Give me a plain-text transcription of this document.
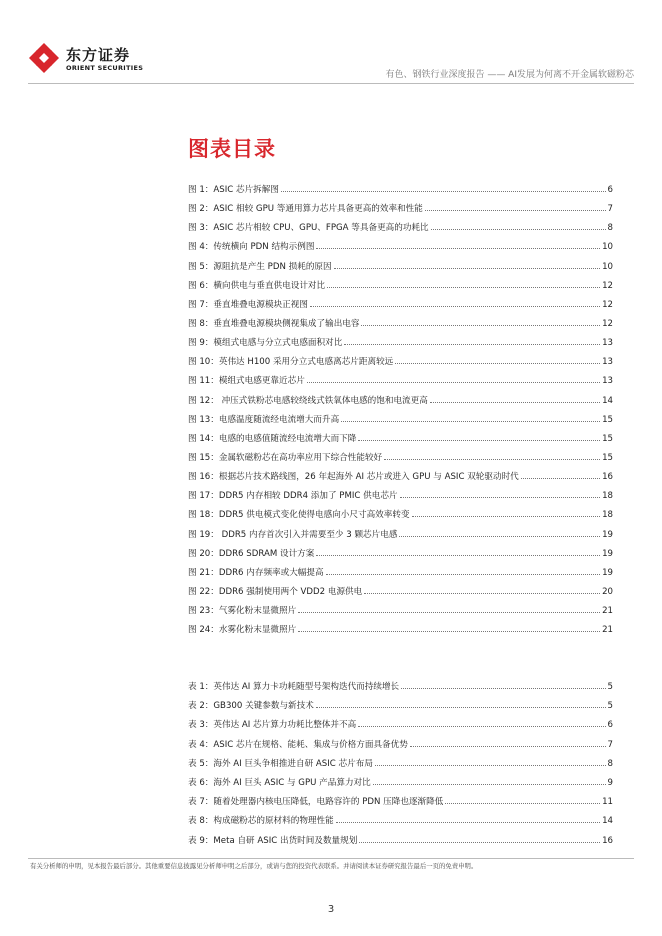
东方证券
ORIENT SECURITIES
有色、钢铁行业深度报告 —— AI发展为何离不开金属软磁粉芯
图表目录
图 1：ASIC 芯片拆解图	6
图 2：ASIC 相较 GPU 等通用算力芯片具备更高的效率和性能	7
图 3：ASIC 芯片相较 CPU、GPU、FPGA 等具备更高的功耗比	8
图 4：传统横向 PDN 结构示例图	10
图 5：源阻抗是产生 PDN 损耗的原因	10
图 6：横向供电与垂直供电设计对比	12
图 7：垂直堆叠电源模块正视图	12
图 8：垂直堆叠电源模块侧视集成了输出电容	12
图 9：模组式电感与分立式电感面积对比	13
图 10：英伟达 H100 采用分立式电感离芯片距离较远	13
图 11：模组式电感更靠近芯片	13
图 12： 冲压式铁粉芯电感较绕线式铁氧体电感的饱和电流更高	14
图 13：电感温度随流经电流增大而升高	15
图 14：电感的电感值随流经电流增大而下降	15
图 15：金属软磁粉芯在高功率应用下综合性能较好	15
图 16：根据芯片技术路线图，26 年起海外 AI 芯片或进入 GPU 与 ASIC 双轮驱动时代	16
图 17：DDR5 内存相较 DDR4 添加了 PMIC 供电芯片	18
图 18：DDR5 供电模式变化使得电感向小尺寸高效率转变	18
图 19： DDR5 内存首次引入并需要至少 3 颗芯片电感	19
图 20：DDR6 SDRAM 设计方案	19
图 21：DDR6 内存频率或大幅提高	19
图 22：DDR6 强制使用两个 VDD2 电源供电	20
图 23：气雾化粉末显微照片	21
图 24：水雾化粉末显微照片	21
表 1：英伟达 AI 算力卡功耗随型号架构迭代而持续增长	5
表 2：GB300 关键参数与新技术	5
表 3：英伟达 AI 芯片算力功耗比整体并不高	6
表 4：ASIC 芯片在规格、能耗、集成与价格方面具备优势	7
表 5：海外 AI 巨头争相推进自研 ASIC 芯片布局	8
表 6：海外 AI 巨头 ASIC 与 GPU 产品算力对比	9
表 7：随着处理器内核电压降低，电路容许的 PDN 压降也逐渐降低	11
表 8：构成磁粉芯的原材料的物理性能	14
表 9：Meta 自研 ASIC 出货时间及数量规划	16
有关分析师的申明，见本报告最后部分。其他重要信息披露见分析师申明之后部分，或请与您的投资代表联系。并请阅读本证券研究报告最后一页的免责申明。
3
